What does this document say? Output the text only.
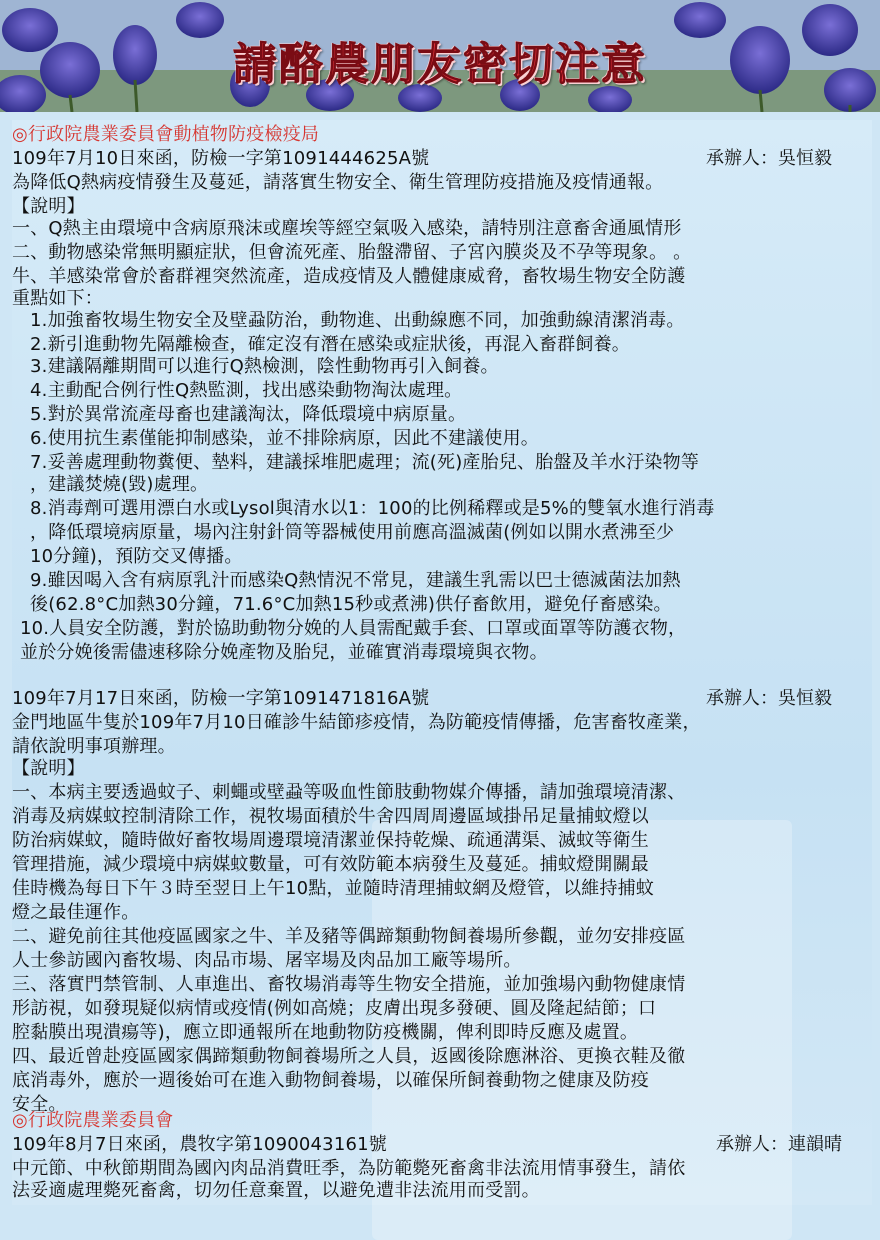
請酪農朋友密切注意
◎行政院農業委員會動植物防疫檢疫局
109年7月10日來函，防檢一字第1091444625A號	承辦人：吳恒毅
為降低Q熱病疫情發生及蔓延，請落實生物安全、衛生管理防疫措施及疫情通報。
【說明】
一、Q熱主由環境中含病原飛沫或塵埃等經空氣吸入感染，請特別注意畜舍通風情形
二、動物感染常無明顯症狀，但會流死產、胎盤滯留、子宮內膜炎及不孕等現象。 。
牛、羊感染常會於畜群裡突然流產，造成疫情及人體健康威脅，畜牧場生物安全防護
重點如下：
1.加強畜牧場生物安全及壁蝨防治，動物進、出動線應不同，加強動線清潔消毒。
2.新引進動物先隔離檢查，確定沒有潛在感染或症狀後，再混入畜群飼養。
3.建議隔離期間可以進行Q熱檢測，陰性動物再引入飼養。
4.主動配合例行性Q熱監測，找出感染動物淘汰處理。
5.對於異常流產母畜也建議淘汰，降低環境中病原量。
6.使用抗生素僅能抑制感染，並不排除病原，因此不建議使用。
7.妥善處理動物糞便、墊料，建議採堆肥處理；流(死)產胎兒、胎盤及羊水汙染物等
，建議焚燒(毀)處理。
8.消毒劑可選用漂白水或Lysol與清水以1：100的比例稀釋或是5%的雙氧水進行消毒
，降低環境病原量，場內注射針筒等器械使用前應高溫滅菌(例如以開水煮沸至少
10分鐘)，預防交叉傳播。
9.雖因喝入含有病原乳汁而感染Q熱情況不常見，建議生乳需以巴士德滅菌法加熱
後(62.8°C加熱30分鐘，71.6°C加熱15秒或煮沸)供仔畜飲用，避免仔畜感染。
10.人員安全防護，對於協助動物分娩的人員需配戴手套、口罩或面罩等防護衣物，
並於分娩後需儘速移除分娩產物及胎兒，並確實消毒環境與衣物。
109年7月17日來函，防檢一字第1091471816A號	承辦人：吳恒毅
金門地區牛隻於109年7月10日確診牛結節疹疫情，為防範疫情傳播，危害畜牧產業，
請依說明事項辦理。
【說明】
一、本病主要透過蚊子、刺蠅或壁蝨等吸血性節肢動物媒介傳播，請加強環境清潔、
消毒及病媒蚊控制清除工作，視牧場面積於牛舍四周周邊區域掛吊足量捕蚊燈以
防治病媒蚊，隨時做好畜牧場周邊環境清潔並保持乾燥、疏通溝渠、滅蚊等衛生
管理措施，減少環境中病媒蚊數量，可有效防範本病發生及蔓延。捕蚊燈開關最
佳時機為每日下午３時至翌日上午10點，並隨時清理捕蚊網及燈管，以維持捕蚊
燈之最佳運作。
二、避免前往其他疫區國家之牛、羊及豬等偶蹄類動物飼養場所參觀，並勿安排疫區
人士參訪國內畜牧場、肉品市場、屠宰場及肉品加工廠等場所。
三、落實門禁管制、人車進出、畜牧場消毒等生物安全措施，並加強場內動物健康情
形訪視，如發現疑似病情或疫情(例如高燒；皮膚出現多發硬、圓及隆起結節；口
腔黏膜出現潰瘍等)，應立即通報所在地動物防疫機關，俾利即時反應及處置。
四、最近曾赴疫區國家偶蹄類動物飼養場所之人員，返國後除應淋浴、更換衣鞋及徹
底消毒外，應於一週後始可在進入動物飼養場，以確保所飼養動物之健康及防疫
安全。
◎行政院農業委員會
109年8月7日來函，農牧字第1090043161號	承辦人：連韻晴
中元節、中秋節期間為國內肉品消費旺季，為防範斃死畜禽非法流用情事發生，請依
法妥適處理斃死畜禽，切勿任意棄置，以避免遭非法流用而受罰。
